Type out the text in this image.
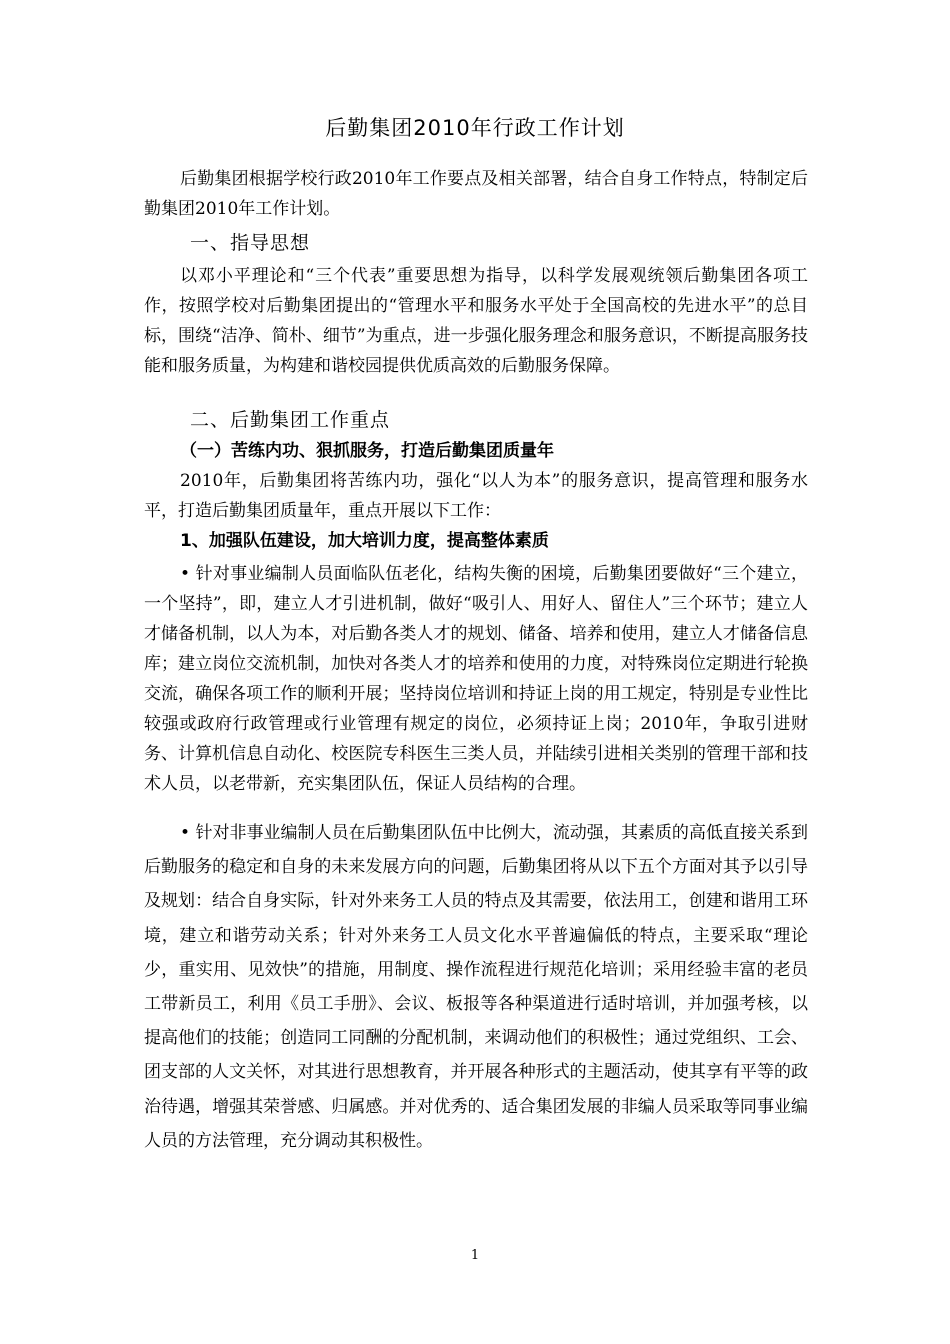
后勤集团2010年行政工作计划
后勤集团根据学校行政2010年工作要点及相关部署，结合自身工作特点，特制定后勤集团2010年工作计划。
一、指导思想
以邓小平理论和“三个代表”重要思想为指导，以科学发展观统领后勤集团各项工作，按照学校对后勤集团提出的“管理水平和服务水平处于全国高校的先进水平”的总目标，围绕“洁净、简朴、细节”为重点，进一步强化服务理念和服务意识，不断提高服务技能和服务质量，为构建和谐校园提供优质高效的后勤服务保障。
二、后勤集团工作重点
（一）苦练内功、狠抓服务，打造后勤集团质量年
2010年，后勤集团将苦练内功，强化“以人为本”的服务意识，提高管理和服务水平，打造后勤集团质量年，重点开展以下工作：
1、加强队伍建设，加大培训力度，提高整体素质
• 针对事业编制人员面临队伍老化，结构失衡的困境，后勤集团要做好“三个建立，一个坚持”，即，建立人才引进机制，做好“吸引人、用好人、留住人”三个环节；建立人才储备机制，以人为本，对后勤各类人才的规划、储备、培养和使用，建立人才储备信息库；建立岗位交流机制，加快对各类人才的培养和使用的力度，对特殊岗位定期进行轮换交流，确保各项工作的顺利开展；坚持岗位培训和持证上岗的用工规定，特别是专业性比较强或政府行政管理或行业管理有规定的岗位，必须持证上岗；2010年，争取引进财务、计算机信息自动化、校医院专科医生三类人员，并陆续引进相关类别的管理干部和技术人员，以老带新，充实集团队伍，保证人员结构的合理。
• 针对非事业编制人员在后勤集团队伍中比例大，流动强，其素质的高低直接关系到后勤服务的稳定和自身的未来发展方向的问题，后勤集团将从以下五个方面对其予以引导及规划：结合自身实际，针对外来务工人员的特点及其需要，依法用工，创建和谐用工环境，建立和谐劳动关系；针对外来务工人员文化水平普遍偏低的特点，主要采取“理论少，重实用、见效快”的措施，用制度、操作流程进行规范化培训；采用经验丰富的老员工带新员工，利用《员工手册》、会议、板报等各种渠道进行适时培训，并加强考核，以提高他们的技能；创造同工同酬的分配机制，来调动他们的积极性；通过党组织、工会、团支部的人文关怀，对其进行思想教育，并开展各种形式的主题活动，使其享有平等的政治待遇，增强其荣誉感、归属感。并对优秀的、适合集团发展的非编人员采取等同事业编人员的方法管理，充分调动其积极性。
1
